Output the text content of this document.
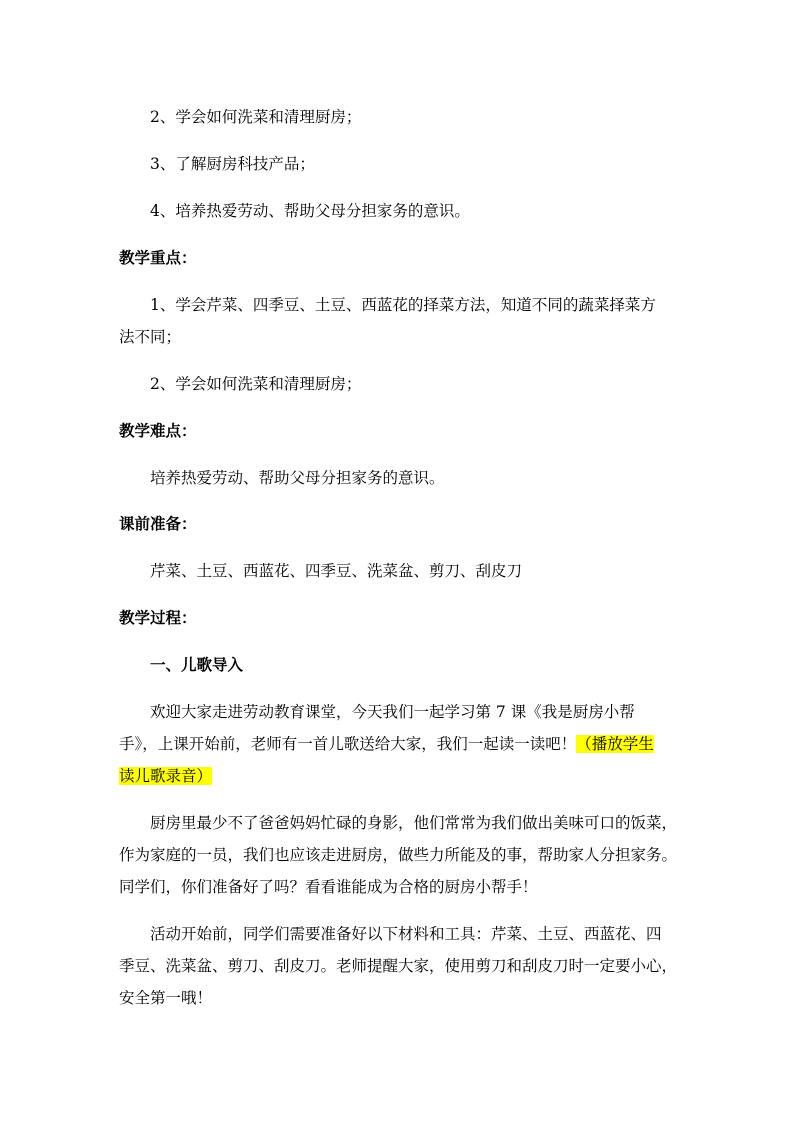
2、学会如何洗菜和清理厨房；
3、了解厨房科技产品；
4、培养热爱劳动、帮助父母分担家务的意识。
教学重点：
1、学会芹菜、四季豆、土豆、西蓝花的择菜方法，知道不同的蔬菜择菜方
法不同；
2、学会如何洗菜和清理厨房；
教学难点：
培养热爱劳动、帮助父母分担家务的意识。
课前准备：
芹菜、土豆、西蓝花、四季豆、洗菜盆、剪刀、刮皮刀
教学过程：
一、儿歌导入
欢迎大家走进劳动教育课堂，今天我们一起学习第 7 课《我是厨房小帮
手》，上课开始前，老师有一首儿歌送给大家，我们一起读一读吧！（播放学生
读儿歌录音）
厨房里最少不了爸爸妈妈忙碌的身影，他们常常为我们做出美味可口的饭菜，
作为家庭的一员，我们也应该走进厨房，做些力所能及的事，帮助家人分担家务。
同学们，你们准备好了吗？看看谁能成为合格的厨房小帮手！
活动开始前，同学们需要准备好以下材料和工具：芹菜、土豆、西蓝花、四
季豆、洗菜盆、剪刀、刮皮刀。老师提醒大家，使用剪刀和刮皮刀时一定要小心，
安全第一哦！
